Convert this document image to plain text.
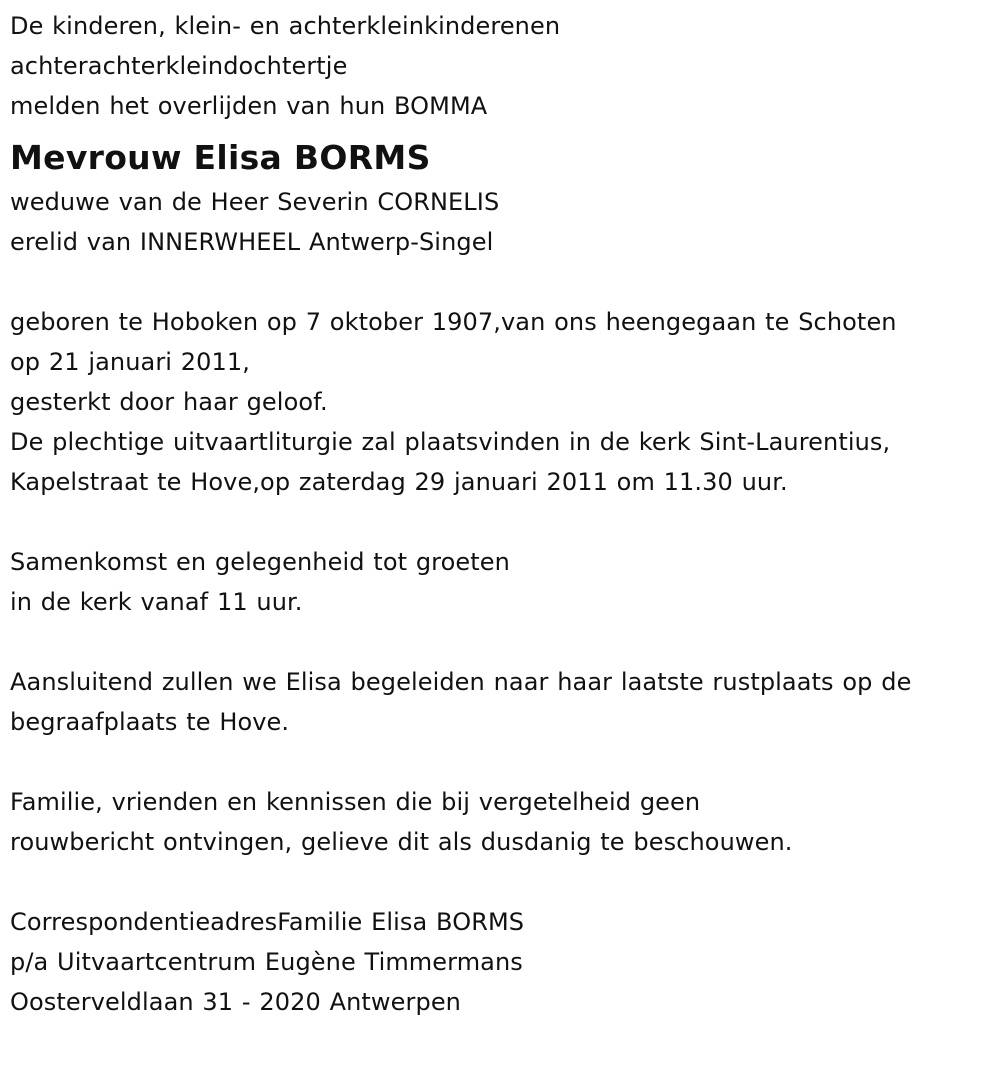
De kinderen, klein- en achterkleinkinderenen
achterachterkleindochtertje
melden het overlijden van hun BOMMA
Mevrouw Elisa BORMS
weduwe van de Heer Severin CORNELIS
erelid van INNERWHEEL Antwerp-Singel
geboren te Hoboken op 7 oktober 1907,van ons heengegaan te Schoten
op 21 januari 2011,
gesterkt door haar geloof.
De plechtige uitvaartliturgie zal plaatsvinden in de kerk Sint-Laurentius,
Kapelstraat te Hove,op zaterdag 29 januari 2011 om 11.30 uur.
Samenkomst en gelegenheid tot groeten
in de kerk vanaf 11 uur.
Aansluitend zullen we Elisa begeleiden naar haar laatste rustplaats op de
begraafplaats te Hove.
Familie, vrienden en kennissen die bij vergetelheid geen
rouwbericht ontvingen, gelieve dit als dusdanig te beschouwen.
CorrespondentieadresFamilie Elisa BORMS
p/a Uitvaartcentrum Eugène Timmermans
Oosterveldlaan 31 - 2020 Antwerpen
